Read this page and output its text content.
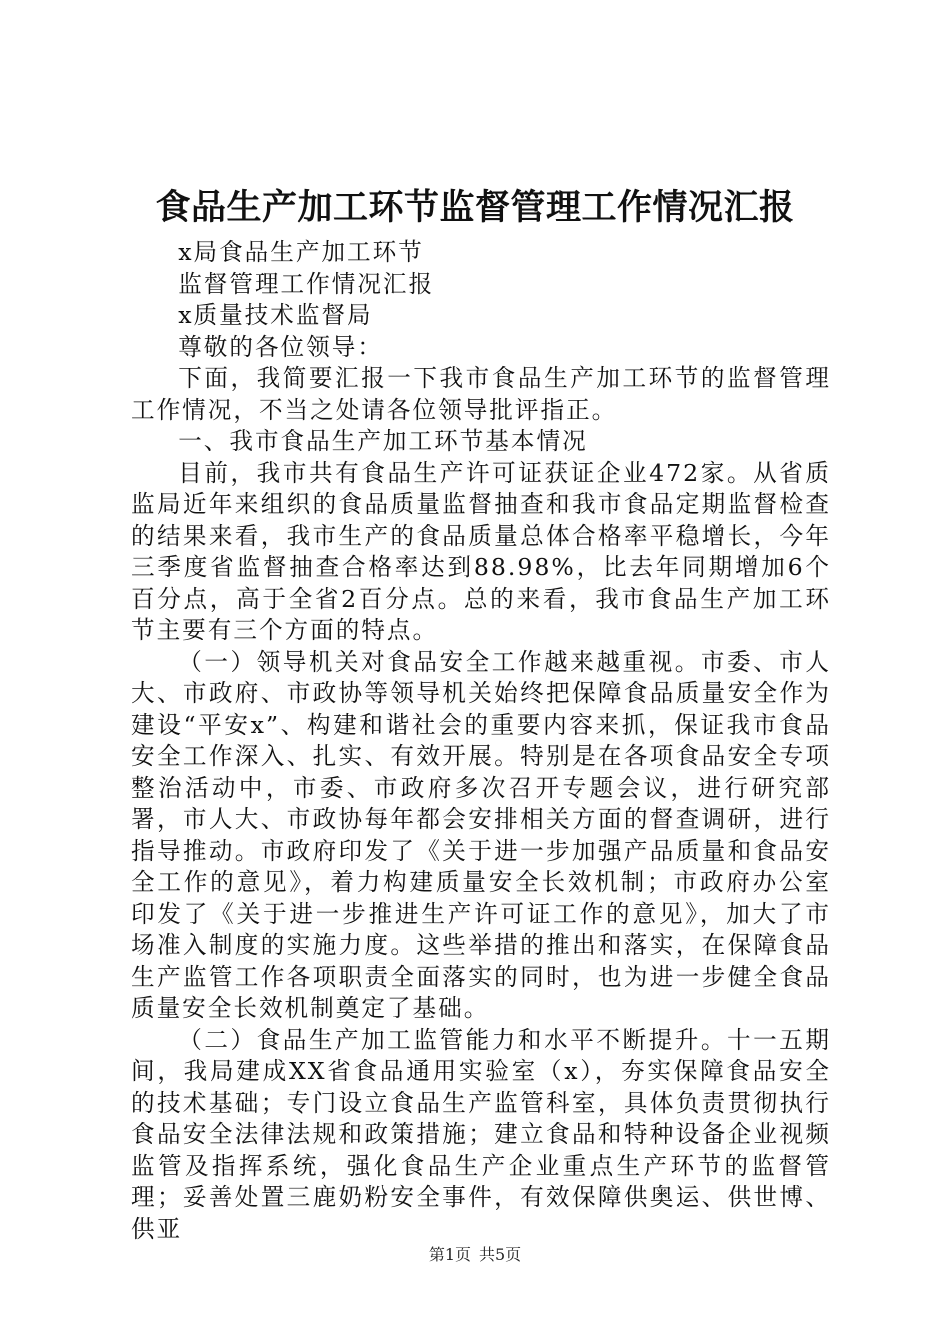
食品生产加工环节监督管理工作情况汇报

x局食品生产加工环节

监督管理工作情况汇报

x质量技术监督局

尊敬的各位领导：

下面，我简要汇报一下我市食品生产加工环节的监督管理工作情况，不当之处请各位领导批评指正。

一、我市食品生产加工环节基本情况

目前，我市共有食品生产许可证获证企业472家。从省质监局近年来组织的食品质量监督抽查和我市食品定期监督检查的结果来看，我市生产的食品质量总体合格率平稳增长，今年三季度省监督抽查合格率达到88.98%，比去年同期增加6个百分点，高于全省2百分点。总的来看，我市食品生产加工环节主要有三个方面的特点。

（一）领导机关对食品安全工作越来越重视。市委、市人大、市政府、市政协等领导机关始终把保障食品质量安全作为建设“平安x”、构建和谐社会的重要内容来抓，保证我市食品安全工作深入、扎实、有效开展。特别是在各项食品安全专项整治活动中，市委、市政府多次召开专题会议，进行研究部署，市人大、市政协每年都会安排相关方面的督查调研，进行指导推动。市政府印发了《关于进一步加强产品质量和食品安全工作的意见》，着力构建质量安全长效机制；市政府办公室印发了《关于进一步推进生产许可证工作的意见》，加大了市场准入制度的实施力度。这些举措的推出和落实，在保障食品生产监管工作各项职责全面落实的同时，也为进一步健全食品质量安全长效机制奠定了基础。

（二）食品生产加工监管能力和水平不断提升。十一五期间，我局建成XX省食品通用实验室（x），夯实保障食品安全的技术基础；专门设立食品生产监管科室，具体负责贯彻执行食品安全法律法规和政策措施；建立食品和特种设备企业视频监管及指挥系统，强化食品生产企业重点生产环节的监督管理；妥善处置三鹿奶粉安全事件，有效保障供奥运、供世博、供亚

第1页 共5页
